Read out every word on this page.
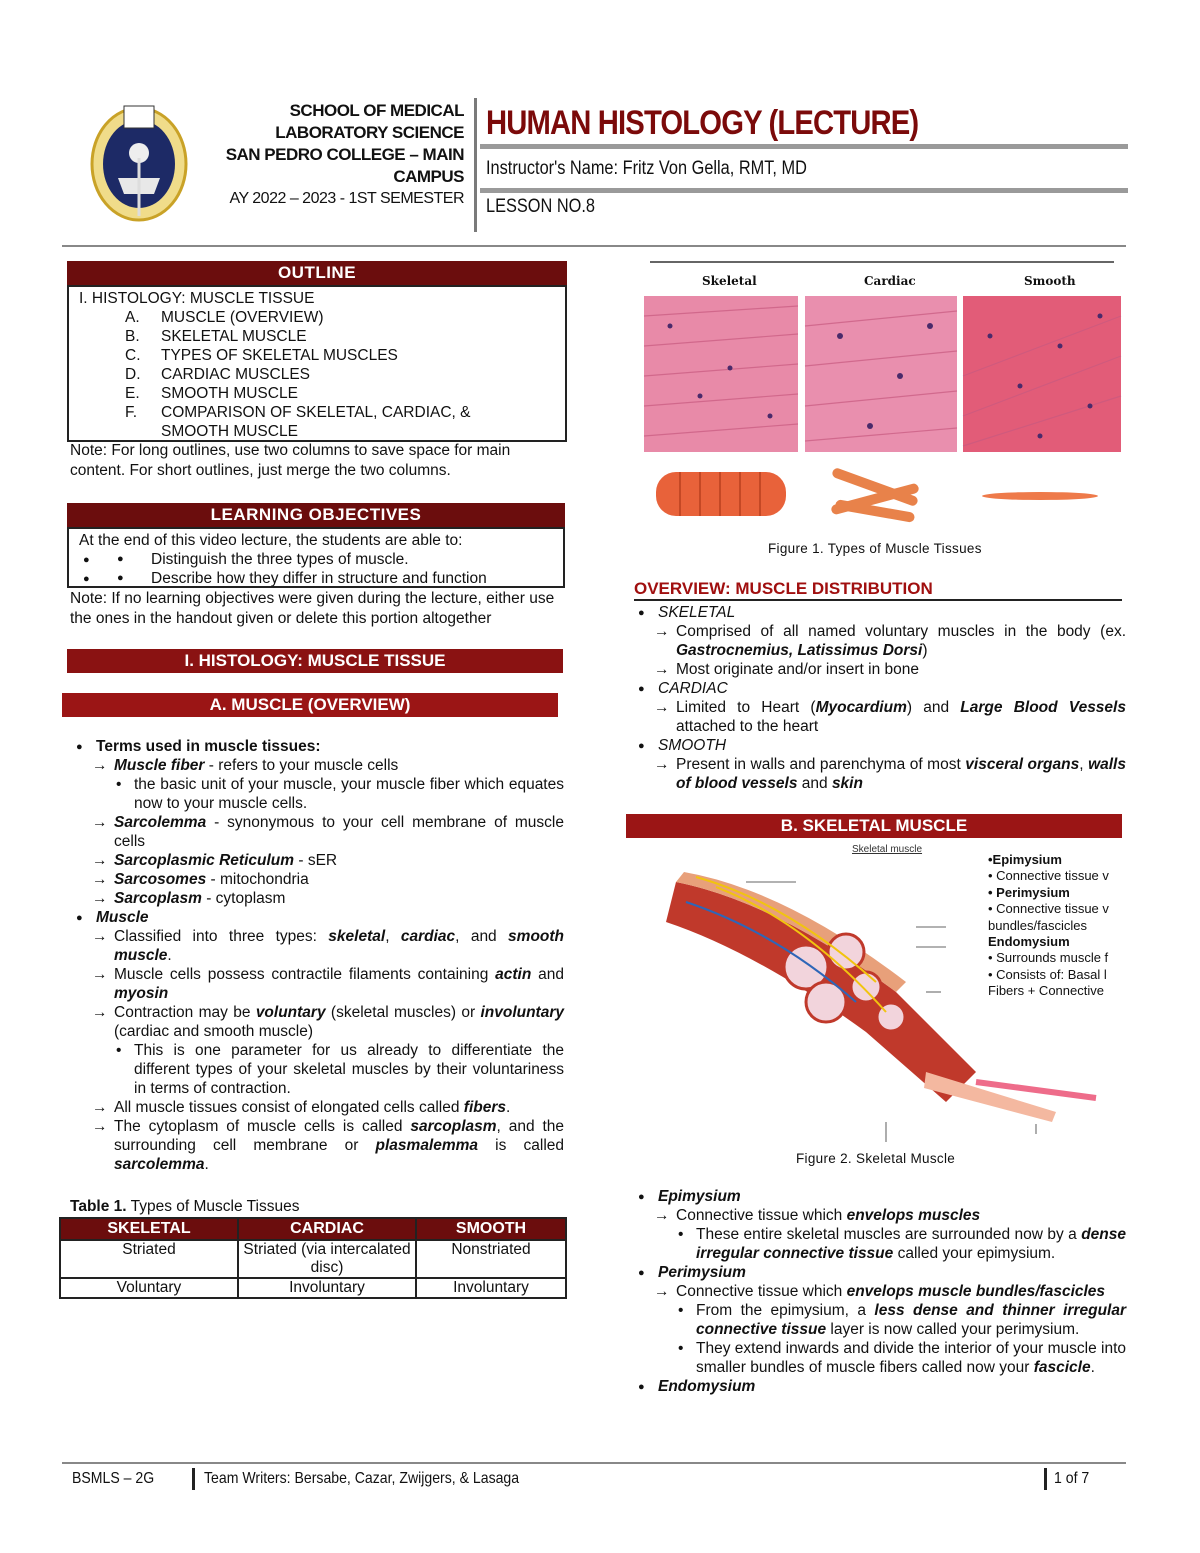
SCHOOL OF MEDICAL
LABORATORY SCIENCE
SAN PEDRO COLLEGE – MAIN
CAMPUS
AY 2022 – 2023 - 1ST SEMESTER
HUMAN HISTOLOGY (LECTURE)
Instructor's Name: Fritz Von Gella, RMT, MD
LESSON NO.8
OUTLINE
I. HISTOLOGY: MUSCLE TISSUE
A.	MUSCLE (OVERVIEW)
B.	SKELETAL MUSCLE
C.	TYPES OF SKELETAL MUSCLES
D.	CARDIAC MUSCLES
E.	SMOOTH MUSCLE
F.	COMPARISON OF SKELETAL, CARDIAC, &
SMOOTH MUSCLE
Note: For long outlines, use two columns to save space for main content. For short outlines, just merge the two columns.
LEARNING OBJECTIVES
At the end of this video lecture, the students are able to:
● ● Distinguish the three types of muscle.
● ● Describe how they differ in structure and function
Note: If no learning objectives were given during the lecture, either use the ones in the handout given or delete this portion altogether
I. HISTOLOGY: MUSCLE TISSUE
A. MUSCLE (OVERVIEW)
● Terms used in muscle tissues:
→ Muscle fiber - refers to your muscle cells
• the basic unit of your muscle, your muscle fiber which equates now to your muscle cells.
→ Sarcolemma - synonymous to your cell membrane of muscle cells
→ Sarcoplasmic Reticulum - sER
→ Sarcosomes - mitochondria
→ Sarcoplasm - cytoplasm
● Muscle
→ Classified into three types: skeletal, cardiac, and smooth muscle.
→ Muscle cells possess contractile filaments containing actin and myosin
→ Contraction may be voluntary (skeletal muscles) or involuntary (cardiac and smooth muscle)
• This is one parameter for us already to differentiate the different types of your skeletal muscles by their voluntariness in terms of contraction.
→ All muscle tissues consist of elongated cells called fibers.
→ The cytoplasm of muscle cells is called sarcoplasm, and the surrounding cell membrane or plasmalemma is called sarcolemma.
Table 1. Types of Muscle Tissues
SKELETAL	CARDIAC	SMOOTH
Striated	Striated (via intercalated disc)	Nonstriated
Voluntary	Involuntary	Involuntary
Skeletal	Cardiac	Smooth
Figure 1. Types of Muscle Tissues
OVERVIEW: MUSCLE DISTRIBUTION
● SKELETAL
→ Comprised of all named voluntary muscles in the body (ex. Gastrocnemius, Latissimus Dorsi)
→ Most originate and/or insert in bone
● CARDIAC
→ Limited to Heart (Myocardium) and Large Blood Vessels attached to the heart
● SMOOTH
→ Present in walls and parenchyma of most visceral organs, walls of blood vessels and skin
B. SKELETAL MUSCLE
Skeletal muscle
•Epimysium
• Connective tissue v
• Perimysium
• Connective tissue v
bundles/fascicles
Endomysium
• Surrounds muscle f
• Consists of: Basal l
Fibers + Connective
Figure 2. Skeletal Muscle
● Epimysium
→ Connective tissue which envelops muscles
• These entire skeletal muscles are surrounded now by a dense irregular connective tissue called your epimysium.
● Perimysium
→ Connective tissue which envelops muscle bundles/fascicles
• From the epimysium, a less dense and thinner irregular connective tissue layer is now called your perimysium.
• They extend inwards and divide the interior of your muscle into smaller bundles of muscle fibers called now your fascicle.
● Endomysium
BSMLS – 2G	Team Writers: Bersabe, Cazar, Zwijgers, & Lasaga	1 of 7
